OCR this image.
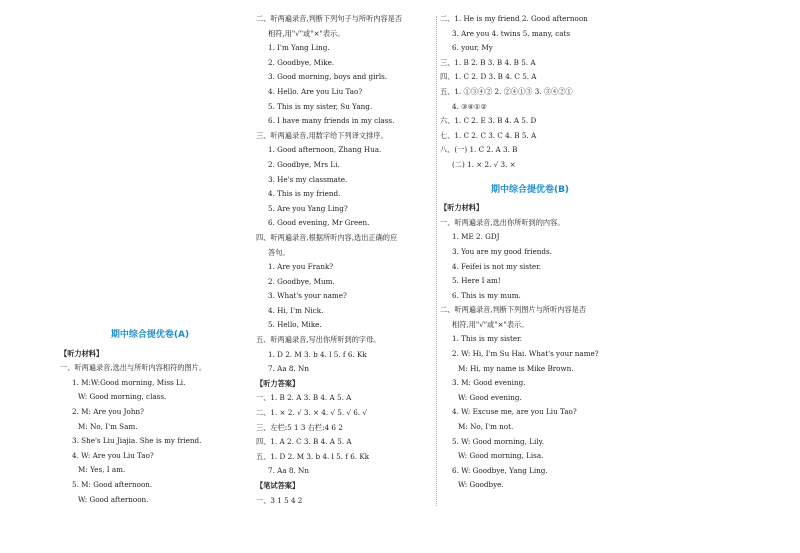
期中综合提优卷(A)
【听力材料】
一、听两遍录音,选出与所听内容相符的图片。
1. M:W:Good morning, Miss Li.
W: Good morning, class.
2. M: Are you John?
M: No, I'm Sam.
3. She's Liu Jiajia. She is my friend.
4. W: Are you Liu Tao?
M: Yes, I am.
5. M: Good afternoon.
W: Good afternoon.
二、听两遍录音,判断下列句子与所听内容是否
相符,用"√"或"×"表示。
1. I'm Yang Ling.
2. Goodbye, Mike.
3. Good morning, boys and girls.
4. Hello. Are you Liu Tao?
5. This is my sister, Su Yang.
6. I have many friends in my class.
三、听两遍录音,用数字给下列译文排序。
1. Good afternoon, Zhang Hua.
2. Goodbye, Mrs Li.
3. He's my classmate.
4. This is my friend.
5. Are you Yang Ling?
6. Good evening, Mr Green.
四、听两遍录音,根据所听内容,选出正确的应
答句。
1. Are you Frank?
2. Goodbye, Mum.
3. What's your name?
4. Hi, I'm Nick.
5. Hello, Mike.
五、听两遍录音,写出你所听到的字母。
1. D 2. M 3. b 4. l 5. f 6. Kk
7. Aa 8. Nn
【听力答案】
一、1. B 2. A 3. B 4. A 5. A
二、1. × 2. √ 3. × 4. √ 5. √ 6. √
三、左栏:5 1 3 右栏:4 6 2
四、1. A 2. C 3. B 4. A 5. A
五、1. D 2. M 3. b 4. l 5. f 6. Kk
7. Aa 8. Nn
【笔试答案】
一、3 1 5 4 2
二、1. He is my friend 2. Good afternoon
3. Are you 4. twins 5. many, cats
6. your, My
三、1. B 2. B 3. B 4. B 5. A
四、1. C 2. D 3. B 4. C 5. A
五、1. ①③④② 2. ②④①③ 3. ③④②①
4. ③④①②
六、1. C 2. E 3. B 4. A 5. D
七、1. C 2. C 3. C 4. B 5. A
八、(一) 1. C 2. A 3. B
(二) 1. × 2. √ 3. ×
期中综合提优卷(B)
【听力材料】
一、听两遍录音,选出你所听到的内容。
1. ME 2. GDJ
3. You are my good friends.
4. Feifei is not my sister.
5. Here I am!
6. This is my mum.
二、听两遍录音,判断下列图片与所听内容是否
相符,用"√"或"×"表示。
1. This is my sister.
2. W: Hi, I'm Su Hai. What's your name?
M: Hi, my name is Mike Brown.
3. M: Good evening.
W: Good evening.
4. W: Excuse me, are you Liu Tao?
M: No, I'm not.
5. W: Good morning, Lily.
W: Good morning, Lisa.
6. W: Goodbye, Yang Ling.
W: Goodbye.
